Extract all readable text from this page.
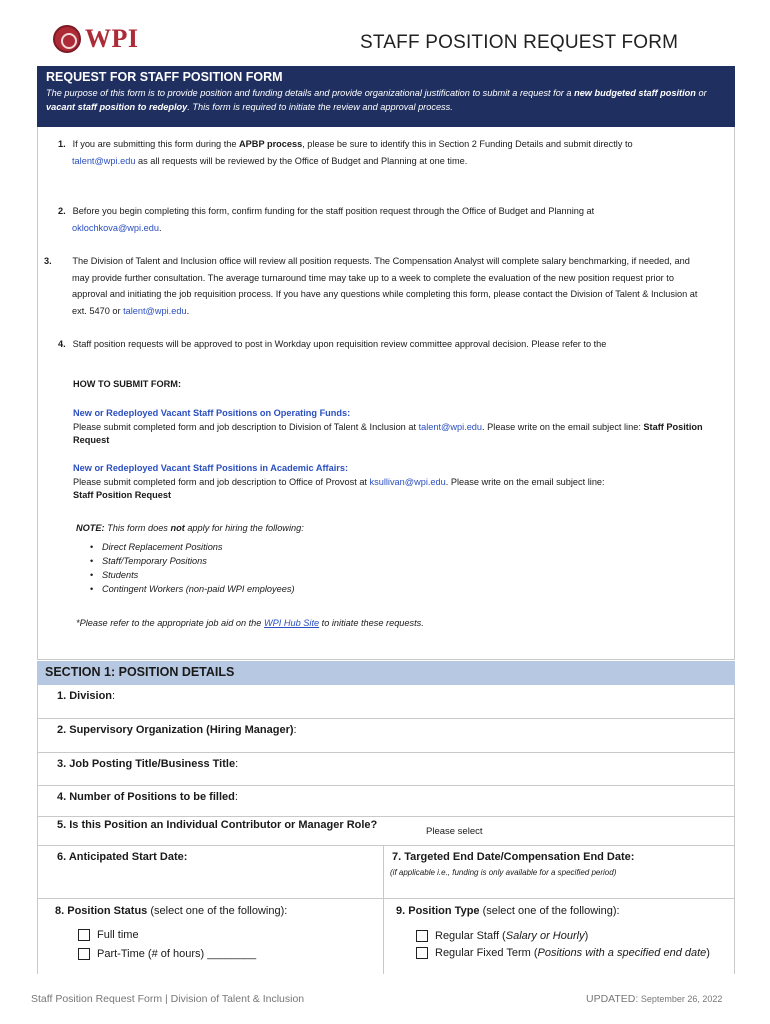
WPI	STAFF POSITION REQUEST FORM
REQUEST FOR STAFF POSITION FORM

The purpose of this form is to provide position and funding details and provide organizational justification to submit a request for a new budgeted staff position or vacant staff position to redeploy. This form is required to initiate the review and approval process.

1. If you are submitting this form during the APBP process, please be sure to identify this in Section 2 Funding Details and submit directly to
talent@wpi.edu as all requests will be reviewed by the Office of Budget and Planning at one time.
2. Before you begin completing this form, confirm funding for the staff position request through the Office of Budget and Planning at
oklochkova@wpi.edu.
3. The Division of Talent and Inclusion office will review all position requests. The Compensation Analyst will complete salary benchmarking, if needed, and may provide further consultation. The average turnaround time may take up to a week to complete the evaluation of the new position request prior to approval and initiating the job requisition process. If you have any questions while completing this form, please contact the Division of Talent & Inclusion at ext. 5470 or talent@wpi.edu.
4. Staff position requests will be approved to post in Workday upon requisition review committee approval decision. Please refer to the
HOW TO SUBMIT FORM:
New or Redeployed Vacant Staff Positions on Operating Funds:
Please submit completed form and job description to Division of Talent & Inclusion at talent@wpi.edu. Please write on the email subject line: Staff Position Request
New or Redeployed Vacant Staff Positions in Academic Affairs:
Please submit completed form and job description to Office of Provost at ksullivan@wpi.edu. Please write on the email subject line:
Staff Position Request
NOTE: This form does not apply for hiring the following:
• Direct Replacement Positions
• Staff/Temporary Positions
• Students
• Contingent Workers (non-paid WPI employees)
*Please refer to the appropriate job aid on the WPI Hub Site to initiate these requests.
SECTION 1: POSITION DETAILS
1. Division:
2. Supervisory Organization (Hiring Manager):
3. Job Posting Title/Business Title:
4. Number of Positions to be filled:
5. Is this Position an Individual Contributor or Manager Role?
Please select
6. Anticipated Start Date:	7. Targeted End Date/Compensation End Date:
(if applicable i.e., funding is only available for a specified period)
8. Position Status (select one of the following):
Full time
Part-Time (# of hours) ________
9. Position Type (select one of the following):
Regular Staff ( Salary or Hourly )
Regular Fixed Term ( Positions with a specified end date )
Staff Position Request Form | Division of Talent & Inclusion	UPDATED: September 26, 2022
